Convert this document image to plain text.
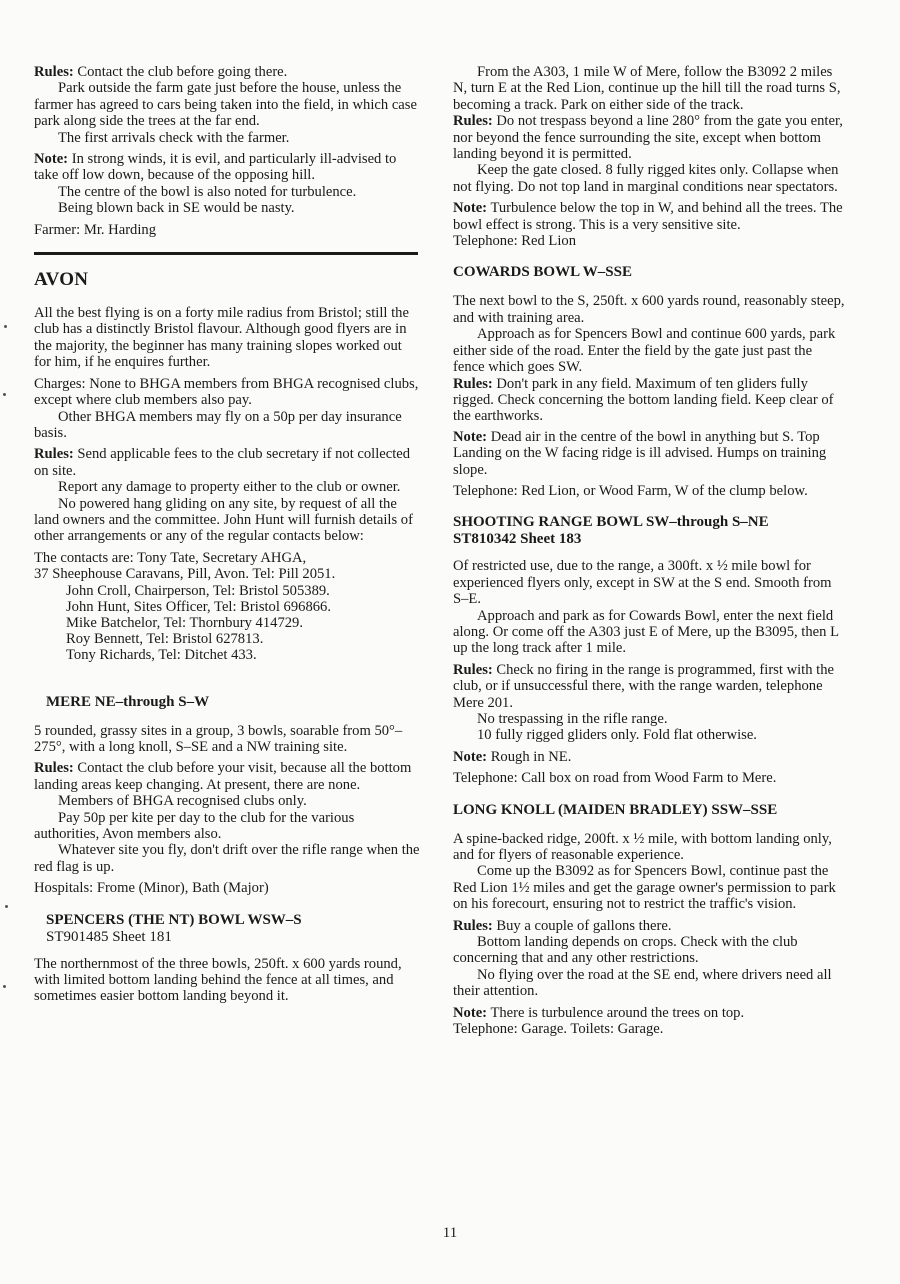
Rules: Contact the club before going there.

Park outside the farm gate just before the house, unless the farmer has agreed to cars being taken into the field, in which case park along side the trees at the far end.

The first arrivals check with the farmer.

Note: In strong winds, it is evil, and particularly ill-advised to take off low down, because of the opposing hill.

The centre of the bowl is also noted for turbulence.

Being blown back in SE would be nasty.

Farmer: Mr. Harding

AVON

All the best flying is on a forty mile radius from Bristol; still the club has a distinctly Bristol flavour. Although good flyers are in the majority, the beginner has many training slopes worked out for him, if he enquires further.

Charges: None to BHGA members from BHGA recognised clubs, except where club members also pay.

Other BHGA members may fly on a 50p per day insurance basis.

Rules: Send applicable fees to the club secretary if not collected on site.

Report any damage to property either to the club or owner.

No powered hang gliding on any site, by request of all the land owners and the committee. John Hunt will furnish details of other arrangements or any of the regular contacts below:

The contacts are: Tony Tate, Secretary AHGA,

37 Sheephouse Caravans, Pill, Avon. Tel: Pill 2051.

John Croll, Chairperson, Tel: Bristol 505389.
John Hunt, Sites Officer, Tel: Bristol 696866.
Mike Batchelor, Tel: Thornbury 414729.
Roy Bennett, Tel: Bristol 627813.
Tony Richards, Tel: Ditchet 433.
MERE NE–through S–W

5 rounded, grassy sites in a group, 3 bowls, soarable from 50°–275°, with a long knoll, S–SE and a NW training site.

Rules: Contact the club before your visit, because all the bottom landing areas keep changing. At present, there are none.

Members of BHGA recognised clubs only.

Pay 50p per kite per day to the club for the various authorities, Avon members also.

Whatever site you fly, don't drift over the rifle range when the red flag is up.

Hospitals: Frome (Minor), Bath (Major)

SPENCERS (THE NT) BOWL WSW–S
ST901485 Sheet 181

The northernmost of the three bowls, 250ft. x 600 yards round, with limited bottom landing behind the fence at all times, and sometimes easier bottom landing beyond it.

From the A303, 1 mile W of Mere, follow the B3092 2 miles N, turn E at the Red Lion, continue up the hill till the road turns S, becoming a track. Park on either side of the track.

Rules: Do not trespass beyond a line 280° from the gate you enter, nor beyond the fence surrounding the site, except when bottom landing beyond it is permitted.

Keep the gate closed. 8 fully rigged kites only. Collapse when not flying. Do not top land in marginal conditions near spectators.

Note: Turbulence below the top in W, and behind all the trees. The bowl effect is strong. This is a very sensitive site.

Telephone: Red Lion

COWARDS BOWL W–SSE

The next bowl to the S, 250ft. x 600 yards round, reasonably steep, and with training area.

Approach as for Spencers Bowl and continue 600 yards, park either side of the road. Enter the field by the gate just past the fence which goes SW.

Rules: Don't park in any field. Maximum of ten gliders fully rigged. Check concerning the bottom landing field. Keep clear of the earthworks.

Note: Dead air in the centre of the bowl in anything but S. Top Landing on the W facing ridge is ill advised. Humps on training slope.

Telephone: Red Lion, or Wood Farm, W of the clump below.

SHOOTING RANGE BOWL SW–through S–NE
ST810342 Sheet 183

Of restricted use, due to the range, a 300ft. x ½ mile bowl for experienced flyers only, except in SW at the S end. Smooth from S–E.

Approach and park as for Cowards Bowl, enter the next field along. Or come off the A303 just E of Mere, up the B3095, then L up the long track after 1 mile.

Rules: Check no firing in the range is programmed, first with the club, or if unsuccessful there, with the range warden, telephone Mere 201.

No trespassing in the rifle range.

10 fully rigged gliders only. Fold flat otherwise.

Note: Rough in NE.

Telephone: Call box on road from Wood Farm to Mere.

LONG KNOLL (MAIDEN BRADLEY) SSW–SSE

A spine-backed ridge, 200ft. x ½ mile, with bottom landing only, and for flyers of reasonable experience.

Come up the B3092 as for Spencers Bowl, continue past the Red Lion 1½ miles and get the garage owner's permission to park on his forecourt, ensuring not to restrict the traffic's vision.

Rules: Buy a couple of gallons there.

Bottom landing depends on crops. Check with the club concerning that and any other restrictions.

No flying over the road at the SE end, where drivers need all their attention.

Note: There is turbulence around the trees on top.

Telephone: Garage. Toilets: Garage.

11
